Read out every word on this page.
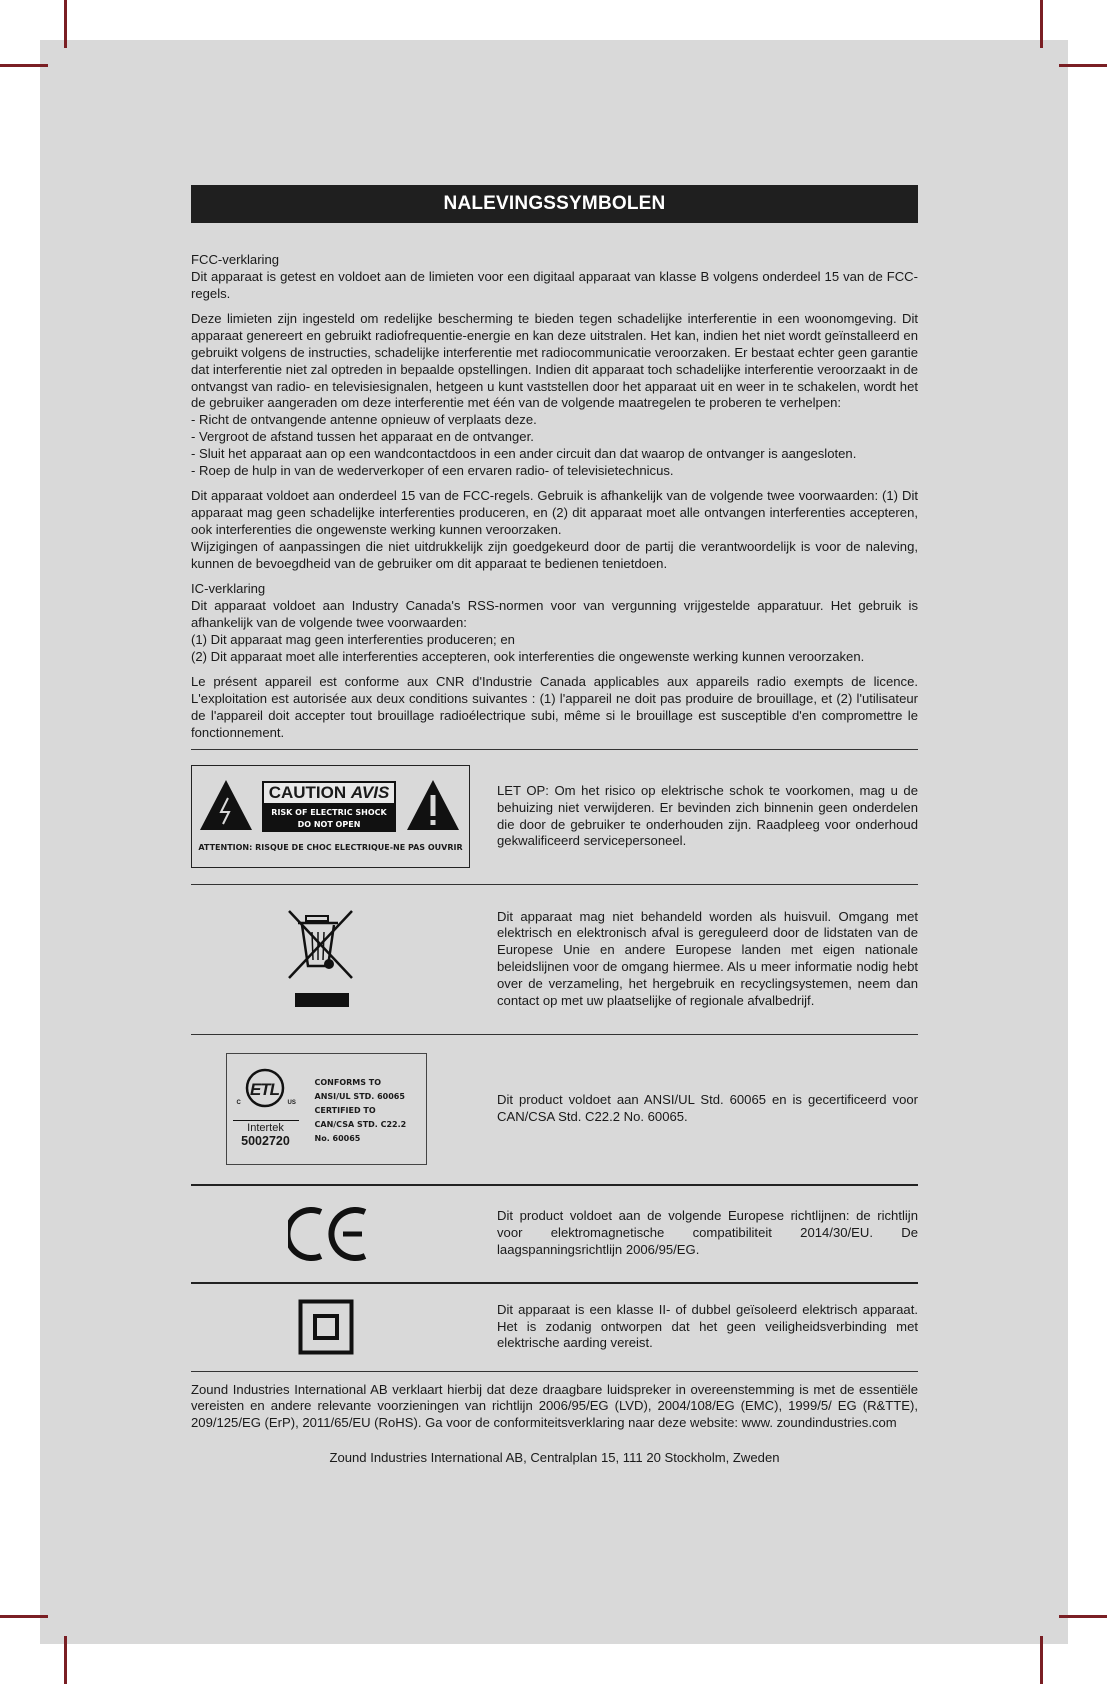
NALEVINGSSYMBOLEN

FCC-verklaring

Dit apparaat is getest en voldoet aan de limieten voor een digitaal apparaat van klasse B volgens onderdeel 15 van de FCC-regels.

Deze limieten zijn ingesteld om redelijke bescherming te bieden tegen schadelijke interferentie in een woonomgeving. Dit apparaat genereert en gebruikt radiofrequentie-energie en kan deze uitstralen. Het kan, indien het niet wordt geïnstalleerd en gebruikt volgens de instructies, schadelijke interferentie met radiocommunicatie veroorzaken. Er bestaat echter geen garantie dat interferentie niet zal optreden in bepaalde opstellingen. Indien dit apparaat toch schadelijke interferentie veroorzaakt in de ontvangst van radio- en televisiesignalen, hetgeen u kunt vaststellen door het apparaat uit en weer in te schakelen, wordt het de gebruiker aangeraden om deze interferentie met één van de volgende maatregelen te proberen te verhelpen:

- Richt de ontvangende antenne opnieuw of verplaats deze.

- Vergroot de afstand tussen het apparaat en de ontvanger.

- Sluit het apparaat aan op een wandcontactdoos in een ander circuit dan dat waarop de ontvanger is aangesloten.

- Roep de hulp in van de wederverkoper of een ervaren radio- of televisietechnicus.

Dit apparaat voldoet aan onderdeel 15 van de FCC-regels. Gebruik is afhankelijk van de volgende twee voorwaarden: (1) Dit apparaat mag geen schadelijke interferenties produceren, en (2) dit apparaat moet alle ontvangen interferenties accepteren, ook interferenties die ongewenste werking kunnen veroorzaken.

Wijzigingen of aanpassingen die niet uitdrukkelijk zijn goedgekeurd door de partij die verantwoordelijk is voor de naleving, kunnen de bevoegdheid van de gebruiker om dit apparaat te bedienen tenietdoen.

IC-verklaring

Dit apparaat voldoet aan Industry Canada's RSS-normen voor van vergunning vrijgestelde apparatuur. Het gebruik is afhankelijk van de volgende twee voorwaarden:

(1) Dit apparaat mag geen interferenties produceren; en

(2) Dit apparaat moet alle interferenties accepteren, ook interferenties die ongewenste werking kunnen veroorzaken.

Le présent appareil est conforme aux CNR d'Industrie Canada applicables aux appareils radio exempts de licence. L'exploitation est autorisée aux deux conditions suivantes : (1) l'appareil ne doit pas produire de brouillage, et (2) l'utilisateur de l'appareil doit accepter tout brouillage radioélectrique subi, même si le brouillage est susceptible d'en compromettre le fonctionnement.

CAUTION
AVIS
RISK OF ELECTRIC SHOCK
DO NOT OPEN
ATTENTION: RISQUE DE CHOC ELECTRIQUE-NE PAS OUVRIR
LET OP: Om het risico op elektrische schok te voorkomen, mag u de behuizing niet verwijderen. Er bevinden zich binnenin geen onderdelen die door de gebruiker te onderhouden zijn. Raadpleeg voor onderhoud gekwalificeerd servicepersoneel.
Dit apparaat mag niet behandeld worden als huisvuil. Omgang met elektrisch en elektronisch afval is gereguleerd door de lidstaten van de Europese Unie en andere Europese landen met eigen nationale beleidslijnen voor de omgang hiermee. Als u meer informatie nodig hebt over de verzameling, het hergebruik en recyclingsystemen, neem dan contact op met uw plaatselijke of regionale afvalbedrijf.
ETL
C	US
Intertek
5002720
CONFORMS TO
ANSI/UL STD. 60065
CERTIFIED TO
CAN/CSA STD. C22.2
No. 60065
Dit product voldoet aan ANSI/UL Std. 60065 en is gecertificeerd voor CAN/CSA Std. C22.2 No. 60065.
Dit product voldoet aan de volgende Europese richtlijnen: de richtlijn voor elektromagnetische compatibiliteit 2014/30/EU. De laagspanningsrichtlijn 2006/95/EG.
Dit apparaat is een klasse II- of dubbel geïsoleerd elektrisch apparaat. Het is zodanig ontworpen dat het geen veiligheidsverbinding met elektrische aarding vereist.

Zound Industries International AB verklaart hierbij dat deze draagbare luidspreker in overeenstemming is met de essentiële vereisten en andere relevante voorzieningen van richtlijn 2006/95/EG (LVD), 2004/108/EG (EMC), 1999/5/ EG (R&TTE), 209/125/EG (ErP), 2011/65/EU (RoHS). Ga voor de conformiteitsverklaring naar deze website: www. zoundindustries.com

Zound Industries International AB, Centralplan 15, 111 20 Stockholm, Zweden
